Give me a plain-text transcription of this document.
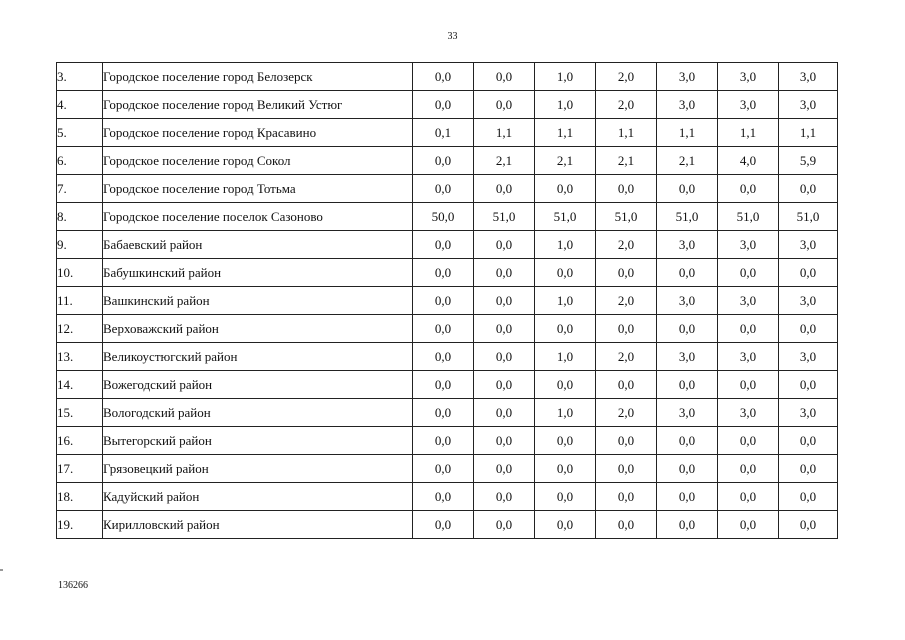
33
3.	Городское поселение город Белозерск	0,0	0,0	1,0	2,0	3,0	3,0	3,0
4.	Городское поселение город Великий Устюг	0,0	0,0	1,0	2,0	3,0	3,0	3,0
5.	Городское поселение город Красавино	0,1	1,1	1,1	1,1	1,1	1,1	1,1
6.	Городское поселение город Сокол	0,0	2,1	2,1	2,1	2,1	4,0	5,9
7.	Городское поселение город Тотьма	0,0	0,0	0,0	0,0	0,0	0,0	0,0
8.	Городское поселение поселок Сазоново	50,0	51,0	51,0	51,0	51,0	51,0	51,0
9.	Бабаевский район	0,0	0,0	1,0	2,0	3,0	3,0	3,0
10.	Бабушкинский район	0,0	0,0	0,0	0,0	0,0	0,0	0,0
11.	Вашкинский район	0,0	0,0	1,0	2,0	3,0	3,0	3,0
12.	Верховажский район	0,0	0,0	0,0	0,0	0,0	0,0	0,0
13.	Великоустюгский район	0,0	0,0	1,0	2,0	3,0	3,0	3,0
14.	Вожегодский район	0,0	0,0	0,0	0,0	0,0	0,0	0,0
15.	Вологодский район	0,0	0,0	1,0	2,0	3,0	3,0	3,0
16.	Вытегорский район	0,0	0,0	0,0	0,0	0,0	0,0	0,0
17.	Грязовецкий район	0,0	0,0	0,0	0,0	0,0	0,0	0,0
18.	Кадуйский район	0,0	0,0	0,0	0,0	0,0	0,0	0,0
19.	Кирилловский район	0,0	0,0	0,0	0,0	0,0	0,0	0,0
136266
